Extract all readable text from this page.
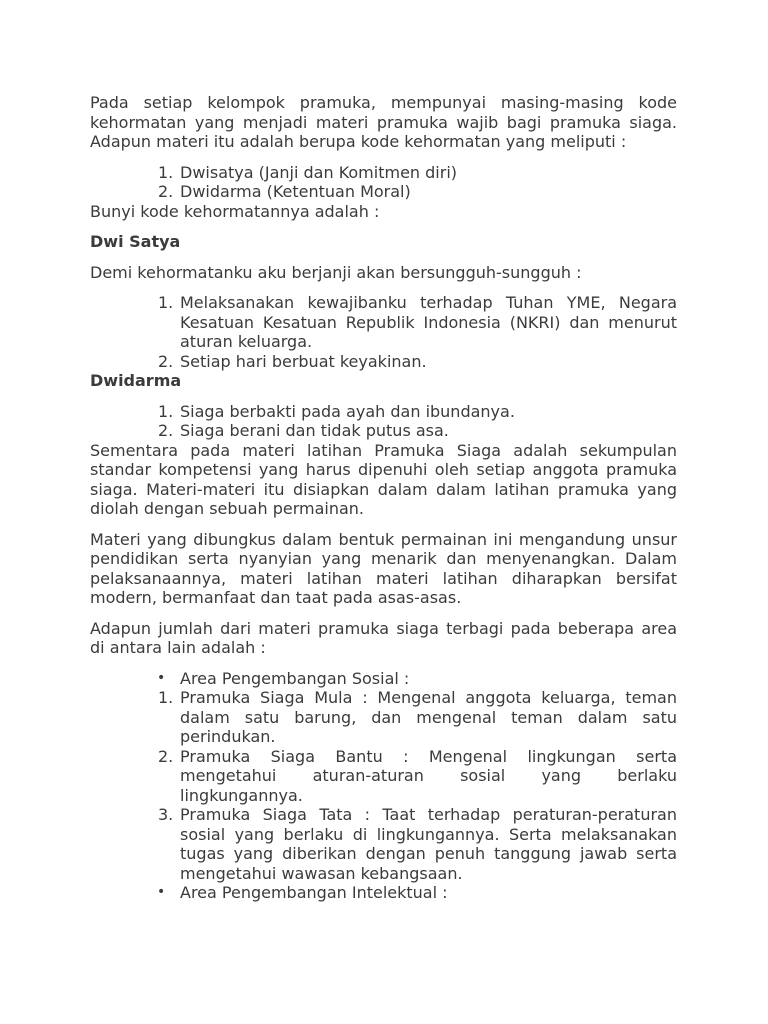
Pada setiap kelompok pramuka, mempunyai masing-masing kode kehormatan yang menjadi materi pramuka wajib bagi pramuka siaga. Adapun materi itu adalah berupa kode kehormatan yang meliputi :

1. Dwisatya (Janji dan Komitmen diri)
2. Dwidarma (Ketentuan Moral)

Bunyi kode kehormatannya adalah :

Dwi Satya

Demi kehormatanku aku berjanji akan bersungguh-sungguh :

1. Melaksanakan kewajibanku terhadap Tuhan YME, Negara Kesatuan Kesatuan Republik Indonesia (NKRI) dan menurut aturan keluarga.
2. Setiap hari berbuat keyakinan.
Dwidarma
1. Siaga berbakti pada ayah dan ibundanya.
2. Siaga berani dan tidak putus asa.

Sementara pada materi latihan Pramuka Siaga adalah sekumpulan standar kompetensi yang harus dipenuhi oleh setiap anggota pramuka siaga. Materi-materi itu disiapkan dalam dalam latihan pramuka yang diolah dengan sebuah permainan.

Materi yang dibungkus dalam bentuk permainan ini mengandung unsur pendidikan serta nyanyian yang menarik dan menyenangkan. Dalam pelaksanaannya, materi latihan materi latihan diharapkan bersifat modern, bermanfaat dan taat pada asas-asas.

Adapun jumlah dari materi pramuka siaga terbagi pada beberapa area di antara lain adalah :

• Area Pengembangan Sosial :
1. Pramuka Siaga Mula : Mengenal anggota keluarga, teman dalam satu barung, dan mengenal teman dalam satu perindukan.
2. Pramuka Siaga Bantu : Mengenal lingkungan serta mengetahui aturan-aturan sosial yang berlaku lingkungannya.
3. Pramuka Siaga Tata : Taat terhadap peraturan-peraturan sosial yang berlaku di lingkungannya. Serta melaksanakan tugas yang diberikan dengan penuh tanggung jawab serta mengetahui wawasan kebangsaan.
• Area Pengembangan Intelektual :
